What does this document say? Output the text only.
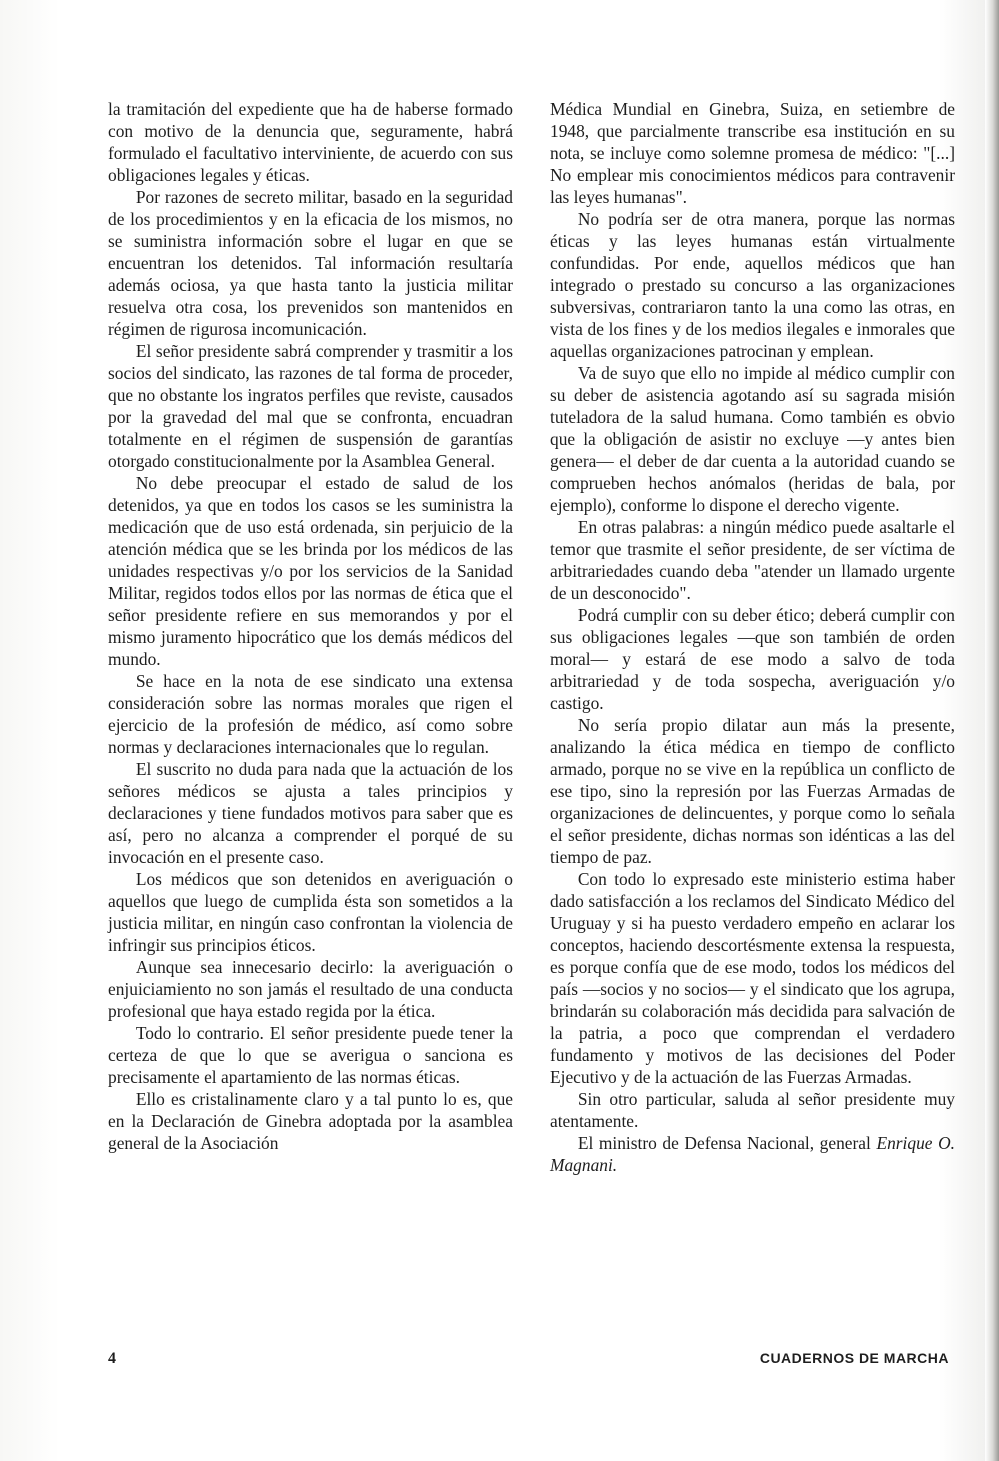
la tramitación del expediente que ha de haberse formado con motivo de la denuncia que, seguramente, habrá formulado el facultativo interviniente, de acuerdo con sus obligaciones legales y éticas.

Por razones de secreto militar, basado en la seguridad de los procedimientos y en la eficacia de los mismos, no se suministra información sobre el lugar en que se encuentran los detenidos. Tal información resultaría además ociosa, ya que hasta tanto la justicia militar resuelva otra cosa, los prevenidos son mantenidos en régimen de rigurosa incomunicación.

El señor presidente sabrá comprender y trasmitir a los socios del sindicato, las razones de tal forma de proceder, que no obstante los ingratos perfiles que reviste, causados por la gravedad del mal que se confronta, encuadran totalmente en el régimen de suspensión de garantías otorgado constitucionalmente por la Asamblea General.

No debe preocupar el estado de salud de los detenidos, ya que en todos los casos se les suministra la medicación que de uso está ordenada, sin perjuicio de la atención médica que se les brinda por los médicos de las unidades respectivas y/o por los servicios de la Sanidad Militar, regidos todos ellos por las normas de ética que el señor presidente refiere en sus memorandos y por el mismo juramento hipocrático que los demás médicos del mundo.

Se hace en la nota de ese sindicato una extensa consideración sobre las normas morales que rigen el ejercicio de la profesión de médico, así como sobre normas y declaraciones internacionales que lo regulan.

El suscrito no duda para nada que la actuación de los señores médicos se ajusta a tales principios y declaraciones y tiene fundados motivos para saber que es así, pero no alcanza a comprender el porqué de su invocación en el presente caso.

Los médicos que son detenidos en averiguación o aquellos que luego de cumplida ésta son sometidos a la justicia militar, en ningún caso confrontan la violencia de infringir sus principios éticos.

Aunque sea innecesario decirlo: la averiguación o enjuiciamiento no son jamás el resultado de una conducta profesional que haya estado regida por la ética.

Todo lo contrario. El señor presidente puede tener la certeza de que lo que se averigua o sanciona es precisamente el apartamiento de las normas éticas.

Ello es cristalinamente claro y a tal punto lo es, que en la Declaración de Ginebra adoptada por la asamblea general de la Asociación

Médica Mundial en Ginebra, Suiza, en setiembre de 1948, que parcialmente transcribe esa institución en su nota, se incluye como solemne promesa de médico: "[...] No emplear mis conocimientos médicos para contravenir las leyes humanas".

No podría ser de otra manera, porque las normas éticas y las leyes humanas están virtualmente confundidas. Por ende, aquellos médicos que han integrado o prestado su concurso a las organizaciones subversivas, contrariaron tanto la una como las otras, en vista de los fines y de los medios ilegales e inmorales que aquellas organizaciones patrocinan y emplean.

Va de suyo que ello no impide al médico cumplir con su deber de asistencia agotando así su sagrada misión tuteladora de la salud humana. Como también es obvio que la obligación de asistir no excluye —y antes bien genera— el deber de dar cuenta a la autoridad cuando se comprueben hechos anómalos (heridas de bala, por ejemplo), conforme lo dispone el derecho vigente.

En otras palabras: a ningún médico puede asaltarle el temor que trasmite el señor presidente, de ser víctima de arbitrariedades cuando deba "atender un llamado urgente de un desconocido".

Podrá cumplir con su deber ético; deberá cumplir con sus obligaciones legales —que son también de orden moral— y estará de ese modo a salvo de toda arbitrariedad y de toda sospecha, averiguación y/o castigo.

No sería propio dilatar aun más la presente, analizando la ética médica en tiempo de conflicto armado, porque no se vive en la república un conflicto de ese tipo, sino la represión por las Fuerzas Armadas de organizaciones de delincuentes, y porque como lo señala el señor presidente, dichas normas son idénticas a las del tiempo de paz.

Con todo lo expresado este ministerio estima haber dado satisfacción a los reclamos del Sindicato Médico del Uruguay y si ha puesto verdadero empeño en aclarar los conceptos, haciendo descortésmente extensa la respuesta, es porque confía que de ese modo, todos los médicos del país —socios y no socios— y el sindicato que los agrupa, brindarán su colaboración más decidida para salvación de la patria, a poco que comprendan el verdadero fundamento y motivos de las decisiones del Poder Ejecutivo y de la actuación de las Fuerzas Armadas.

Sin otro particular, saluda al señor presidente muy atentamente.

El ministro de Defensa Nacional, general Enrique O. Magnani.

4	CUADERNOS DE MARCHA
